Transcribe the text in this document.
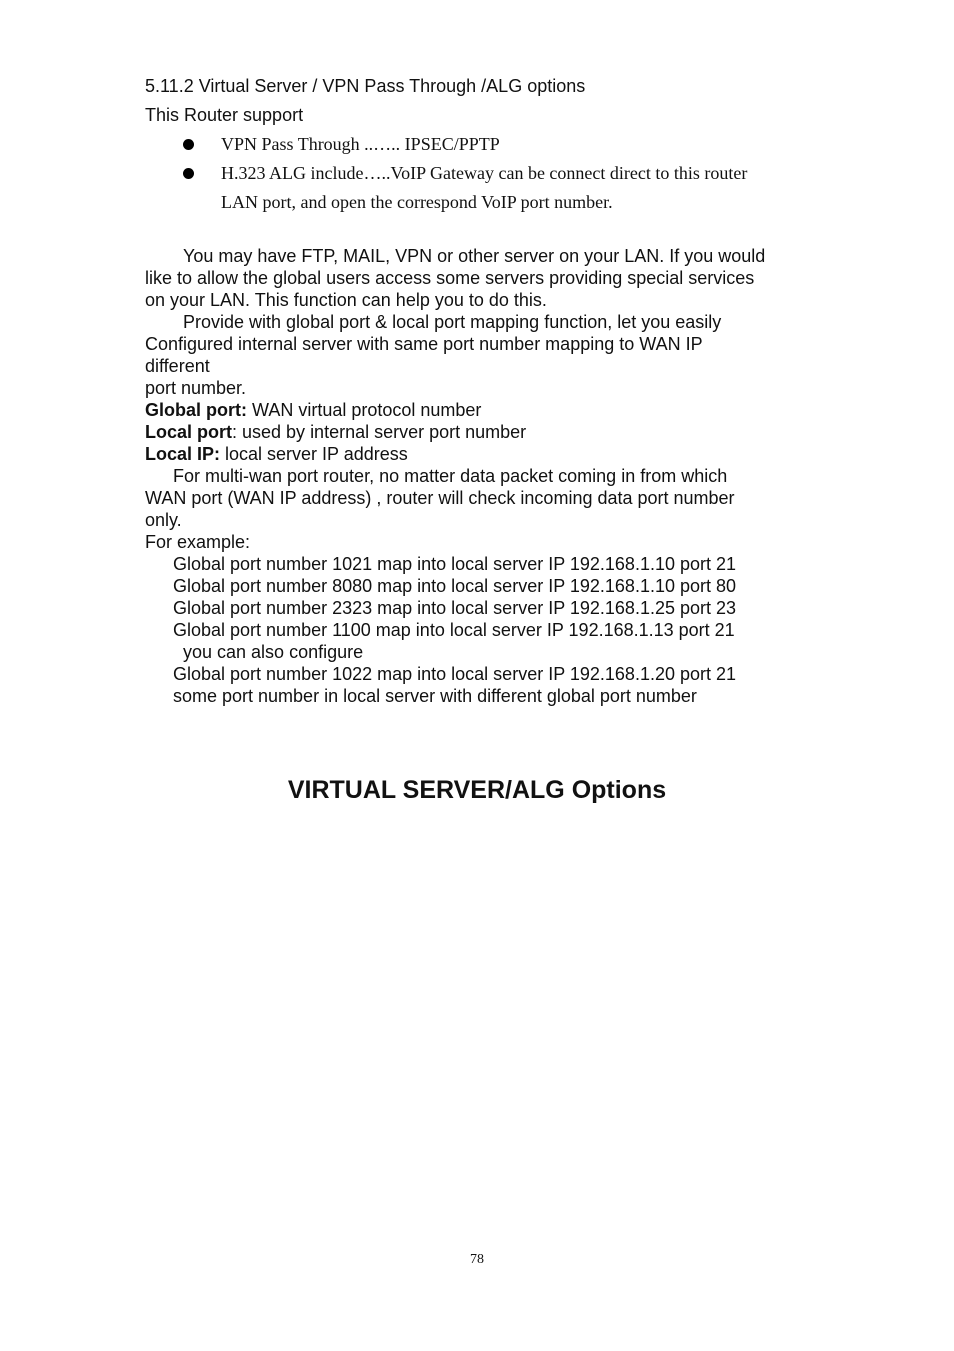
5.11.2 Virtual Server / VPN Pass Through /ALG options
This Router support
VPN Pass Through ..….. IPSEC/PPTP
H.323 ALG include…..VoIP Gateway can be connect direct to this router
LAN port, and open the correspond VoIP port number.

You may have FTP, MAIL, VPN or other server on your LAN. If you would
like to allow the global users access some servers providing special services
on your LAN. This function can help you to do this.

Provide with global port & local port mapping function, let you easily
Configured internal server with same port number mapping to WAN IP
different
port number.

Global port: WAN virtual protocol number

Local port: used by internal server port number

Local IP: local server IP address

For multi-wan port router, no matter data packet coming in from which
WAN port (WAN IP address) , router will check incoming data port number
only.

For example:

Global port number 1021 map into local server IP 192.168.1.10 port 21

Global port number 8080 map into local server IP 192.168.1.10 port 80

Global port number 2323 map into local server IP 192.168.1.25 port 23

Global port number 1100 map into local server IP 192.168.1.13 port 21

you can also configure

Global port number 1022 map into local server IP 192.168.1.20 port 21

some port number in local server with different global port number

VIRTUAL SERVER/ALG Options
78
